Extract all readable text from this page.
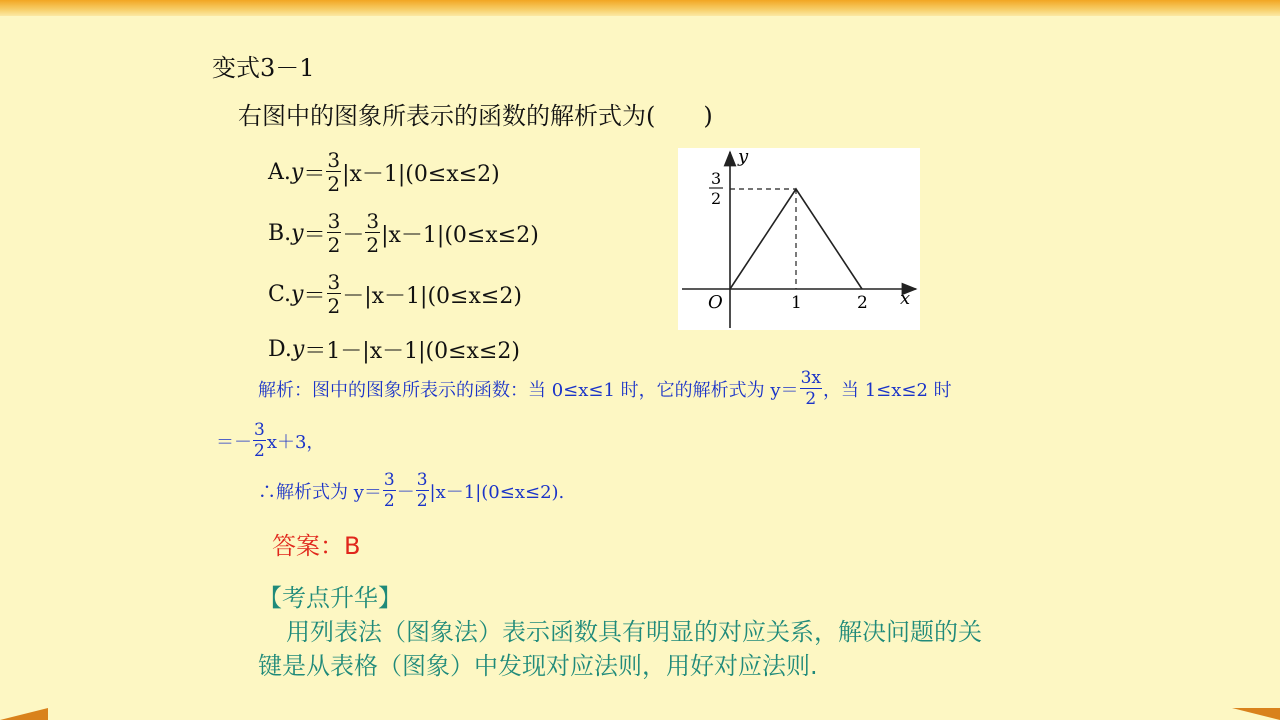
变式3－1
右图中的图象所表示的函数的解析式为(　　)
A. $y = \frac{3}{2} |x-1|(0\le x\le 2)$
B. $y = \frac{3}{2} - \frac{3}{2} |x-1|(0\le x\le 2)$
C. $y = \frac{3}{2} -|x-1|(0\le x\le 2)$
D. y ＝ 1－|x－1|(0≤x≤2)
y
x
O	1	2
3
2
解析：图中的图象所表示的函数：当 0≤x≤1 时，它的解析式为 $y= \frac{3x}{2}$ ，当 1≤x≤2 时
＝－ $\frac{3}{2} x+3$，
∴解析式为 $y= \frac{3}{2} - \frac{3}{2} |x-1|(0\le x\le 2)$.
答案：B
【考点升华】
用列表法（图象法）表示函数具有明显的对应关系，解决问题的关
键是从表格（图象）中发现对应法则，用好对应法则.
